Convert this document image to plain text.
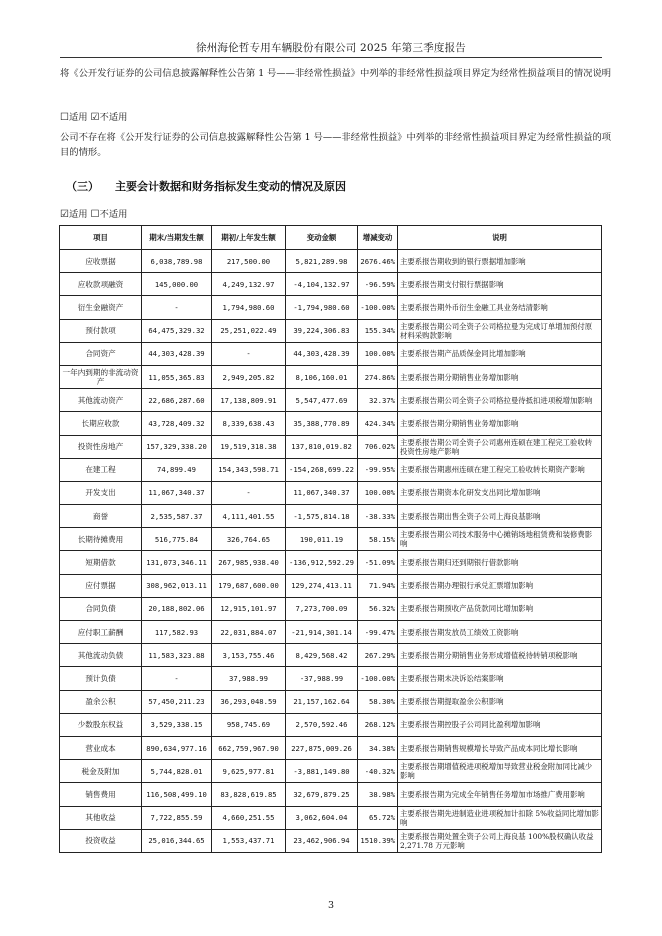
徐州海伦哲专用车辆股份有限公司 2025 年第三季度报告
将《公开发行证券的公司信息披露解释性公告第 1 号——非经常性损益》中列举的非经常性损益项目界定为经常性损益项目的情况说明
☐适用 ☑不适用
公司不存在将《公开发行证券的公司信息披露解释性公告第 1 号——非经常性损益》中列举的非经常性损益项目界定为经常性损益的项目的情形。
（三） 主要会计数据和财务指标发生变动的情况及原因
☑适用 ☐不适用
项目	期末/当期发生额	期初/上年发生额	变动金额	增减变动	说明
应收票据	6,038,789.98	217,500.00	5,821,289.98	2676.46%	主要系报告期收到的银行票据增加影响
应收款项融资	145,000.00	4,249,132.97	-4,104,132.97	-96.59%	主要系报告期支付银行票据影响
衍生金融资产	-	1,794,980.60	-1,794,980.60	-100.00%	主要系报告期外币衍生金融工具业务结清影响
预付款项	64,475,329.32	25,251,022.49	39,224,306.83	155.34%	主要系报告期公司全资子公司格拉曼为完成订单增加预付原材料采购款影响
合同资产	44,303,428.39	-	44,303,428.39	100.00%	主要系报告期产品质保金同比增加影响
一年内到期的非流动资产	11,055,365.83	2,949,205.82	8,106,160.01	274.86%	主要系报告期分期销售业务增加影响
其他流动资产	22,686,287.60	17,138,809.91	5,547,477.69	32.37%	主要系报告期公司全资子公司格拉曼待抵扣进项税增加影响
长期应收款	43,728,409.32	8,339,638.43	35,388,770.89	424.34%	主要系报告期分期销售业务增加影响
投资性房地产	157,329,338.20	19,519,318.38	137,810,019.82	706.02%	主要系报告期公司全资子公司惠州连硕在建工程完工验收转投资性房地产影响
在建工程	74,899.49	154,343,598.71	-154,268,699.22	-99.95%	主要系报告期惠州连硕在建工程完工验收转长期资产影响
开发支出	11,067,340.37	-	11,067,340.37	100.00%	主要系报告期资本化研发支出同比增加影响
商誉	2,535,587.37	4,111,401.55	-1,575,814.18	-38.33%	主要系报告期出售全资子公司上海良基影响
长期待摊费用	516,775.84	326,764.65	190,011.19	58.15%	主要系报告期公司技术服务中心摊销场地租赁费和装修费影响
短期借款	131,073,346.11	267,985,938.40	-136,912,592.29	-51.09%	主要系报告期归还到期银行借款影响
应付票据	308,962,013.11	179,687,600.00	129,274,413.11	71.94%	主要系报告期办理银行承兑汇票增加影响
合同负债	20,188,802.06	12,915,101.97	7,273,700.09	56.32%	主要系报告期预收产品货款同比增加影响
应付职工薪酬	117,582.93	22,031,884.07	-21,914,301.14	-99.47%	主要系报告期发放员工绩效工资影响
其他流动负债	11,583,323.88	3,153,755.46	8,429,568.42	267.29%	主要系报告期分期销售业务形成增值税待转销项税影响
预计负债	-	37,988.99	-37,988.99	-100.00%	主要系报告期未决诉讼结案影响
盈余公积	57,450,211.23	36,293,048.59	21,157,162.64	58.30%	主要系报告期提取盈余公积影响
少数股东权益	3,529,338.15	958,745.69	2,570,592.46	268.12%	主要系报告期控股子公司同比盈利增加影响
营业成本	890,634,977.16	662,759,967.90	227,875,009.26	34.38%	主要系报告期销售规模增长导致产品成本同比增长影响
税金及附加	5,744,828.01	9,625,977.81	-3,881,149.80	-40.32%	主要系报告期增值税进项税增加导致营业税金附加同比减少影响
销售费用	116,508,499.10	83,828,619.85	32,679,879.25	38.98%	主要系报告期为完成全年销售任务增加市场推广费用影响
其他收益	7,722,855.59	4,660,251.55	3,062,604.04	65.72%	主要系报告期先进制造业进项税加计扣除 5%收益同比增加影响
投资收益	25,016,344.65	1,553,437.71	23,462,906.94	1510.39%	主要系报告期处置全资子公司上海良基 100%股权确认收益 2,271.78 万元影响
3
